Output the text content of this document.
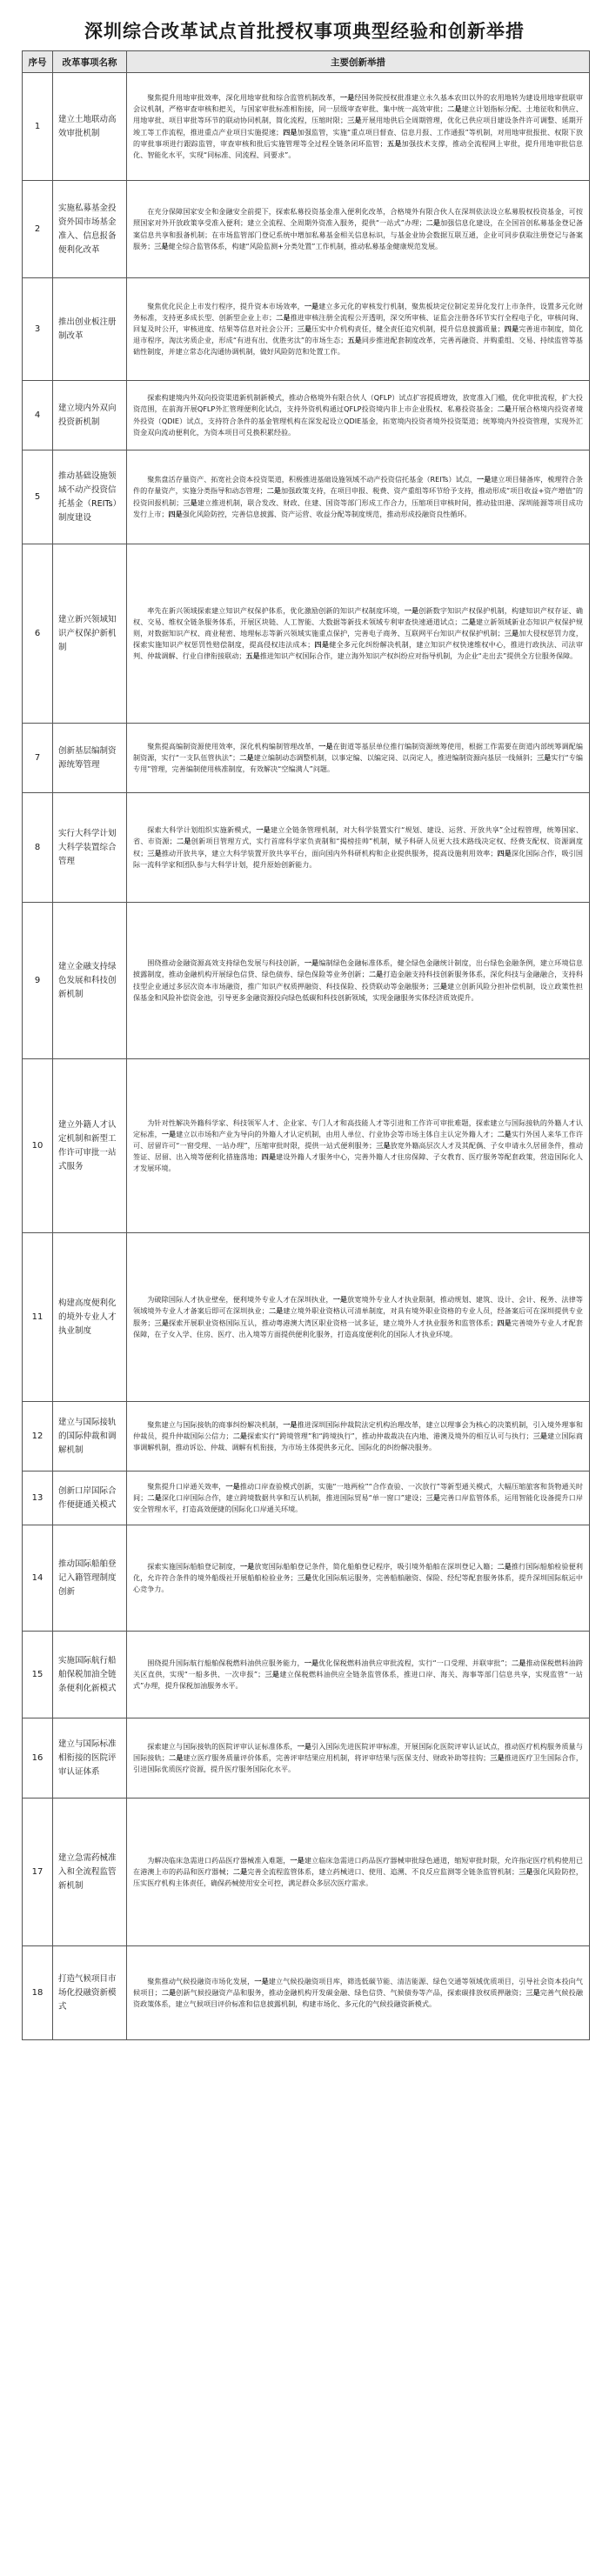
深圳综合改革试点首批授权事项典型经验和创新举措
序号	改革事项名称	主要创新举措
1	建立土地联动高效审批机制	聚焦提升用地审批效率，深化用地审批和综合监管机制改革，一是经国务院授权批准建立永久基本农田以外的农用地转为建设用地审批联审会议机制，严格审查审核和把关，与国家审批标准相衔接，同一层级审查审批、集中统一高效审批；二是建立计划指标分配、土地征收和供应、用地审批、项目审批等环节的联动协同机制，简化流程，压缩时限；三是开展用地供后全周期管理，优化已供应项目建设条件许可调整、延期开竣工等工作流程，推进重点产业项目实施提速；四是加强监管，实施“重点项目督查、信息月报、工作通报”等机制，对用地审批报批、权限下放的审批事项进行跟踪监管，审查审核和批后实施管理等全过程全链条闭环监管；五是加强技术支撑，推动全流程网上审批，提升用地审批信息化、智能化水平，实现“同标准、同流程、同要求”。

2	实施私募基金投资外国市场基金准入、信息报备便利化改革	在充分保障国家安全和金融安全前提下，探索私募投资基金准入便利化改革，合格境外有限合伙人在深圳依法设立私募股权投资基金，可按照国家对外开放政策享受准入便利；建立全流程、全周期外资准入服务，提供“一站式”办理；二是加强信息化建设，在全国首创私募基金登记备案信息共享和报备机制；在市场监管部门登记系统中增加私募基金相关信息标识，与基金业协会数据互联互通，企业可同步获取注册登记与备案服务；三是健全综合监管体系，构建“风险监测+分类处置”工作机制，推动私募基金健康规范发展。

3	推出创业板注册制改革	聚焦优化民企上市发行程序，提升资本市场效率，一是建立多元化的审核发行机制，聚焦板块定位制定差异化发行上市条件，设置多元化财务标准，支持更多成长型、创新型企业上市；二是推进审核注册全流程公开透明，深交所审核、证监会注册各环节实行全程电子化，审核问询、回复及时公开，审核进度、结果等信息对社会公开；三是压实中介机构责任，健全责任追究机制，提升信息披露质量；四是完善退市制度，简化退市程序，淘汰劣质企业，形成“有进有出、优胜劣汰”的市场生态；五是同步推进配套制度改革，完善再融资、并购重组、交易、持续监管等基础性制度，并建立常态化沟通协调机制，做好风险防范和处置工作。

4	建立境内外双向投资新机制	探索构建境内外双向投资渠道新机制新模式，推动合格境外有限合伙人（QFLP）试点扩容提质增效，放宽准入门槛，优化审批流程，扩大投资范围，在前海开展QFLP外汇管理便利化试点，支持外资机构通过QFLP投资境内非上市企业股权、私募投资基金；二是开展合格境内投资者境外投资（QDIE）试点，支持符合条件的基金管理机构在深发起设立QDIE基金，拓宽境内投资者境外投资渠道；统筹境内外投资管理，实现外汇资金双向流动便利化，为资本项目可兑换积累经验。

5	推动基础设施领域不动产投资信托基金（REITs）制度建设	聚焦盘活存量资产、拓宽社会资本投资渠道，积极推进基础设施领域不动产投资信托基金（REITs）试点，一是建立项目储备库，梳理符合条件的存量资产，实施分类指导和动态管理；二是加强政策支持，在项目申报、税费、资产重组等环节给予支持，推动形成“项目收益+资产增值”的投资回报机制；三是建立推进机制，联合发改、财政、住建、国资等部门形成工作合力，压缩项目审核时间，推动盐田港、深圳能源等项目成功发行上市；四是强化风险防控，完善信息披露、资产运营、收益分配等制度规范，推动形成投融资良性循环。

6	建立新兴领域知识产权保护新机制	率先在新兴领域探索建立知识产权保护体系，优化激励创新的知识产权制度环境，一是创新数字知识产权保护机制，构建知识产权存证、确权、交易、维权全链条服务体系，开展区块链、人工智能、大数据等新技术领域专利审查快速通道试点；二是建立新领域新业态知识产权保护规则，对数据知识产权、商业秘密、地理标志等新兴领域实施重点保护，完善电子商务、互联网平台知识产权保护机制；三是加大侵权惩罚力度，探索实施知识产权惩罚性赔偿制度，提高侵权违法成本；四是健全多元化纠纷解决机制，建立知识产权快速维权中心，推进行政执法、司法审判、仲裁调解、行业自律衔接联动；五是推进知识产权国际合作，建立海外知识产权纠纷应对指导机制，为企业“走出去”提供全方位服务保障。

7	创新基层编制资源统筹管理	聚焦提高编制资源使用效率，深化机构编制管理改革，一是在街道等基层单位推行编制资源统筹使用，根据工作需要在街道内部统筹调配编制资源，实行“一支队伍管执法”；二是建立编制动态调整机制，以事定编、以编定岗、以岗定人，推进编制资源向基层一线倾斜；三是实行“专编专用”管理，完善编制使用核准制度，有效解决“空编满人”问题。

8	实行大科学计划大科学装置综合管理	探索大科学计划组织实施新模式，一是建立全链条管理机制，对大科学装置实行“规划、建设、运营、开放共享”全过程管理，统筹国家、省、市资源；二是创新项目管理方式，实行首席科学家负责制和“揭榜挂帅”机制，赋予科研人员更大技术路线决定权、经费支配权、资源调度权；三是推动开放共享，建立大科学装置开放共享平台，面向国内外科研机构和企业提供服务，提高设施利用效率；四是深化国际合作，吸引国际一流科学家和团队参与大科学计划，提升原始创新能力。

9	建立金融支持绿色发展和科技创新机制	围绕推动金融资源高效支持绿色发展与科技创新，一是编制绿色金融标准体系，健全绿色金融统计制度，出台绿色金融条例，建立环境信息披露制度，推动金融机构开展绿色信贷、绿色债券、绿色保险等业务创新；二是打造金融支持科技创新服务体系，深化科技与金融融合，支持科技型企业通过多层次资本市场融资，推广知识产权质押融资、科技保险、投贷联动等金融服务；三是建立创新风险分担补偿机制，设立政策性担保基金和风险补偿资金池，引导更多金融资源投向绿色低碳和科技创新领域，实现金融服务实体经济质效提升。

10	建立外籍人才认定机制和新型工作许可审批一站式服务	为针对性解决外籍科学家、科技领军人才、企业家、专门人才和高技能人才等引进和工作许可审批难题，探索建立与国际接轨的外籍人才认定标准，一是建立以市场和产业为导向的外籍人才认定机制，由用人单位、行业协会等市场主体自主认定外籍人才；二是实行外国人来华工作许可、居留许可“一窗受理、一站办理”，压缩审批时限，提供一站式便利服务；三是放宽外籍高层次人才及其配偶、子女申请永久居留条件，推动签证、居留、出入境等便利化措施落地；四是建设外籍人才服务中心，完善外籍人才住房保障、子女教育、医疗服务等配套政策，营造国际化人才发展环境。

11	构建高度便利化的境外专业人才执业制度	为破除国际人才执业壁垒，便利境外专业人才在深圳执业，一是放宽境外专业人才执业限制，推动规划、建筑、设计、会计、税务、法律等领域境外专业人才备案后即可在深圳执业；二是建立境外职业资格认可清单制度，对具有境外职业资格的专业人员，经备案后可在深圳提供专业服务；三是探索开展职业资格国际互认，推动粤港澳大湾区职业资格一试多证，建立境外人才执业服务和监管体系；四是完善境外专业人才配套保障，在子女入学、住房、医疗、出入境等方面提供便利化服务，打造高度便利化的国际人才执业环境。

12	建立与国际接轨的国际仲裁和调解机制	聚焦建立与国际接轨的商事纠纷解决机制，一是推进深圳国际仲裁院法定机构治理改革，建立以理事会为核心的决策机制，引入境外理事和仲裁员，提升仲裁国际公信力；二是探索实行“跨境管理”和“跨境执行”，推动仲裁裁决在内地、港澳及境外的相互认可与执行；三是建立国际商事调解机制，推动诉讼、仲裁、调解有机衔接，为市场主体提供多元化、国际化的纠纷解决服务。

13	创新口岸国际合作便捷通关模式	聚焦提升口岸通关效率，一是推动口岸查验模式创新，实施“一地两检”“合作查验、一次放行”等新型通关模式，大幅压缩旅客和货物通关时间；二是深化口岸国际合作，建立跨境数据共享和互认机制，推进国际贸易“单一窗口”建设；三是完善口岸监管体系，运用智能化设备提升口岸安全管理水平，打造高效便捷的国际化口岸通关环境。

14	推动国际船舶登记入籍管理制度创新	探索实施国际船舶登记制度，一是放宽国际船舶登记条件，简化船舶登记程序，吸引境外船舶在深圳登记入籍；二是推行国际船舶检验便利化，允许符合条件的境外船级社开展船舶检验业务；三是优化国际航运服务，完善船舶融资、保险、经纪等配套服务体系，提升深圳国际航运中心竞争力。

15	实施国际航行船舶保税加油全链条便利化新模式	围绕提升国际航行船舶保税燃料油供应服务能力，一是优化保税燃料油供应审批流程，实行“一口受理、并联审批”；二是推动保税燃料油跨关区直供，实现“一船多供、一次申报”；三是建立保税燃料油供应全链条监管体系，推进口岸、海关、海事等部门信息共享，实现监管“一站式”办理，提升保税加油服务水平。

16	建立与国际标准相衔接的医院评审认证体系	探索建立与国际接轨的医院评审认证标准体系，一是引入国际先进医院评审标准，开展国际化医院评审认证试点，推动医疗机构服务质量与国际接轨；二是建立医疗服务质量评价体系，完善评审结果应用机制，将评审结果与医保支付、财政补助等挂钩；三是推进医疗卫生国际合作，引进国际优质医疗资源，提升医疗服务国际化水平。

17	建立急需药械准入和全流程监管新机制	为解决临床急需进口药品医疗器械准入难题，一是建立临床急需进口药品医疗器械审批绿色通道，缩短审批时限，允许指定医疗机构使用已在港澳上市的药品和医疗器械；二是完善全流程监管体系，建立药械进口、使用、追溯、不良反应监测等全链条监管机制；三是强化风险防控，压实医疗机构主体责任，确保药械使用安全可控，满足群众多层次医疗需求。

18	打造气候项目市场化投融资新模式	聚焦推动气候投融资市场化发展，一是建立气候投融资项目库，筛选低碳节能、清洁能源、绿色交通等领域优质项目，引导社会资本投向气候项目；二是创新气候投融资产品和服务，推动金融机构开发碳金融、绿色信贷、气候债券等产品，探索碳排放权质押融资；三是完善气候投融资政策体系，建立气候项目评价标准和信息披露机制，构建市场化、多元化的气候投融资新模式。
